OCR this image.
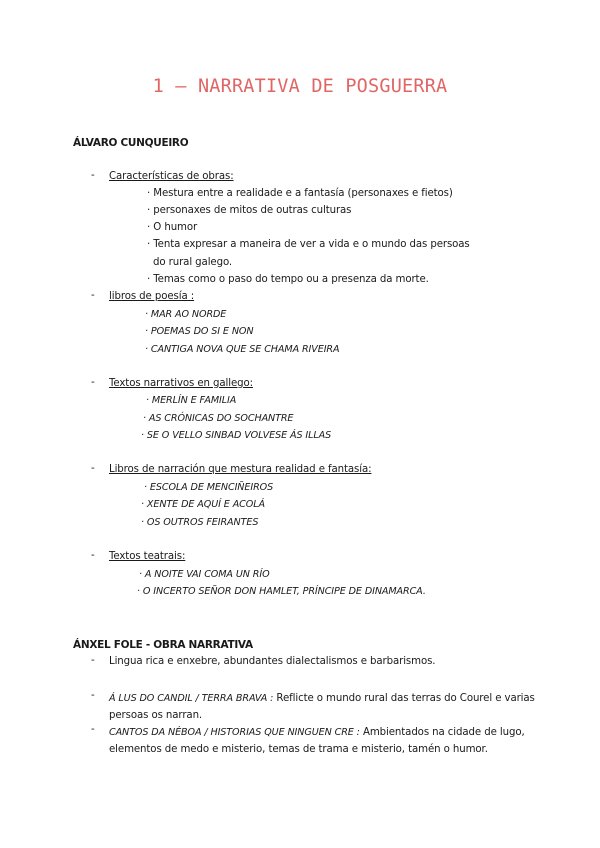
1 – NARRATIVA DE POSGUERRA
ÁLVARO CUNQUEIRO
- Características de obras:
· Mestura entre a realidade e a fantasía (personaxes e fietos)
· personaxes de mitos de outras culturas
· O humor
· Tenta expresar a maneira de ver a vida e o mundo das persoas
do rural galego.
· Temas como o paso do tempo ou a presenza da morte.
- libros de poesía :
· MAR AO NORDE
· POEMAS DO SI E NON
· CANTIGA NOVA QUE SE CHAMA RIVEIRA
- Textos narrativos en gallego:
· MERLÍN E FAMILIA
· AS CRÓNICAS DO SOCHANTRE
· SE O VELLO SINBAD VOLVESE ÁS ILLAS
- Libros de narración que mestura realidad e fantasía:
· ESCOLA DE MENCIÑEIROS
· XENTE DE AQUÍ E ACOLÁ
· OS OUTROS FEIRANTES
- Textos teatrais:
· A NOITE VAI COMA UN RÍO
· O INCERTO SEÑOR DON HAMLET, PRÍNCIPE DE DINAMARCA.
ÁNXEL FOLE - OBRA NARRATIVA
- Lingua rica e enxebre, abundantes dialectalismos e barbarismos.
- Á LUS DO CANDIL / TERRA BRAVA : Reflicte o mundo rural das terras do Courel e varias persoas os narran.
- CANTOS DA NÉBOA / HISTORIAS QUE NINGUEN CRE : Ambientados na cidade de lugo, elementos de medo e misterio, temas de trama e misterio, tamén o humor.
